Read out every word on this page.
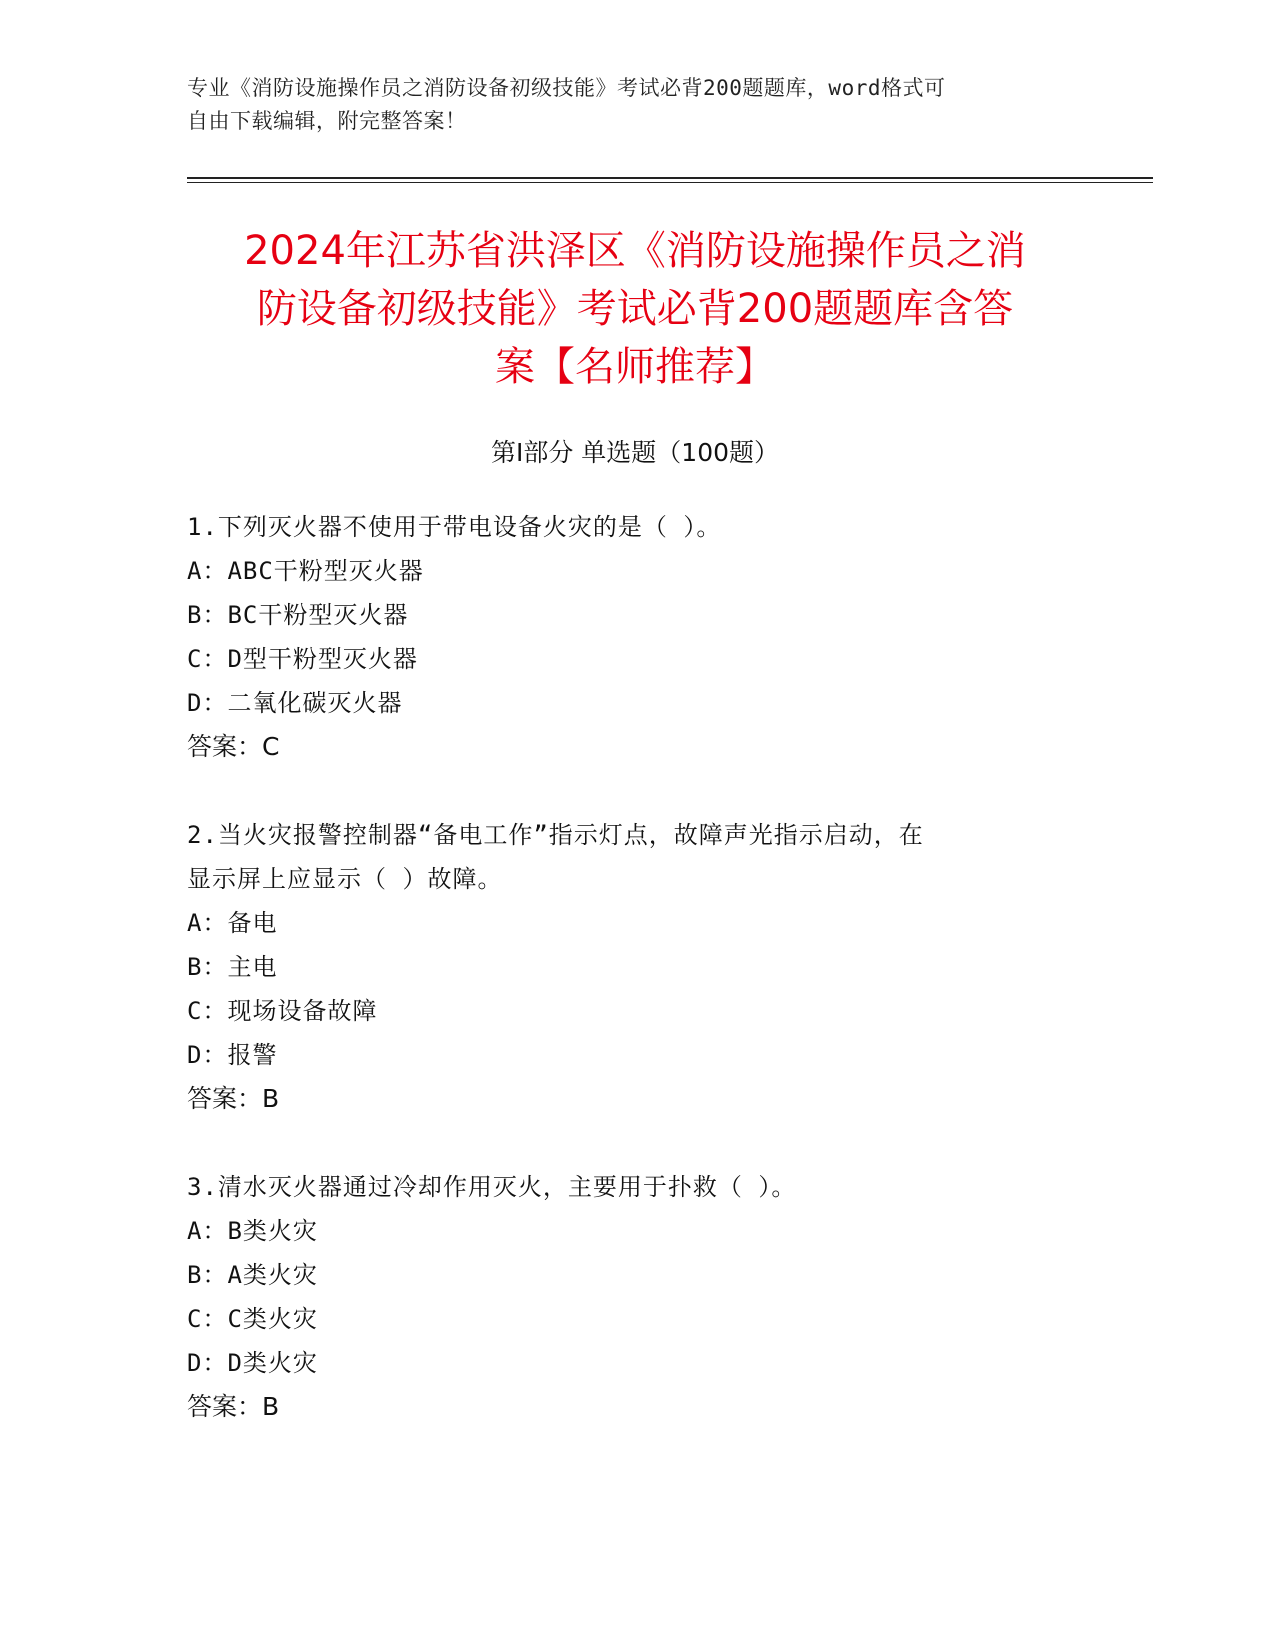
专业《消防设施操作员之消防设备初级技能》考试必背200题题库，word格式可
自由下载编辑，附完整答案！
2024年江苏省洪泽区《消防设施操作员之消
防设备初级技能》考试必背200题题库含答
案【名师推荐】
第I部分 单选题（100题）
1.下列灭火器不使用于带电设备火灾的是（ ）。
A：ABC干粉型灭火器
B：BC干粉型灭火器
C：D型干粉型灭火器
D：二氧化碳灭火器
答案：C
2.当火灾报警控制器“备电工作”指示灯点，故障声光指示启动，在
显示屏上应显示（ ）故障。
A：备电
B：主电
C：现场设备故障
D：报警
答案：B
3.清水灭火器通过冷却作用灭火，主要用于扑救（ ）。
A：B类火灾
B：A类火灾
C：C类火灾
D：D类火灾
答案：B
